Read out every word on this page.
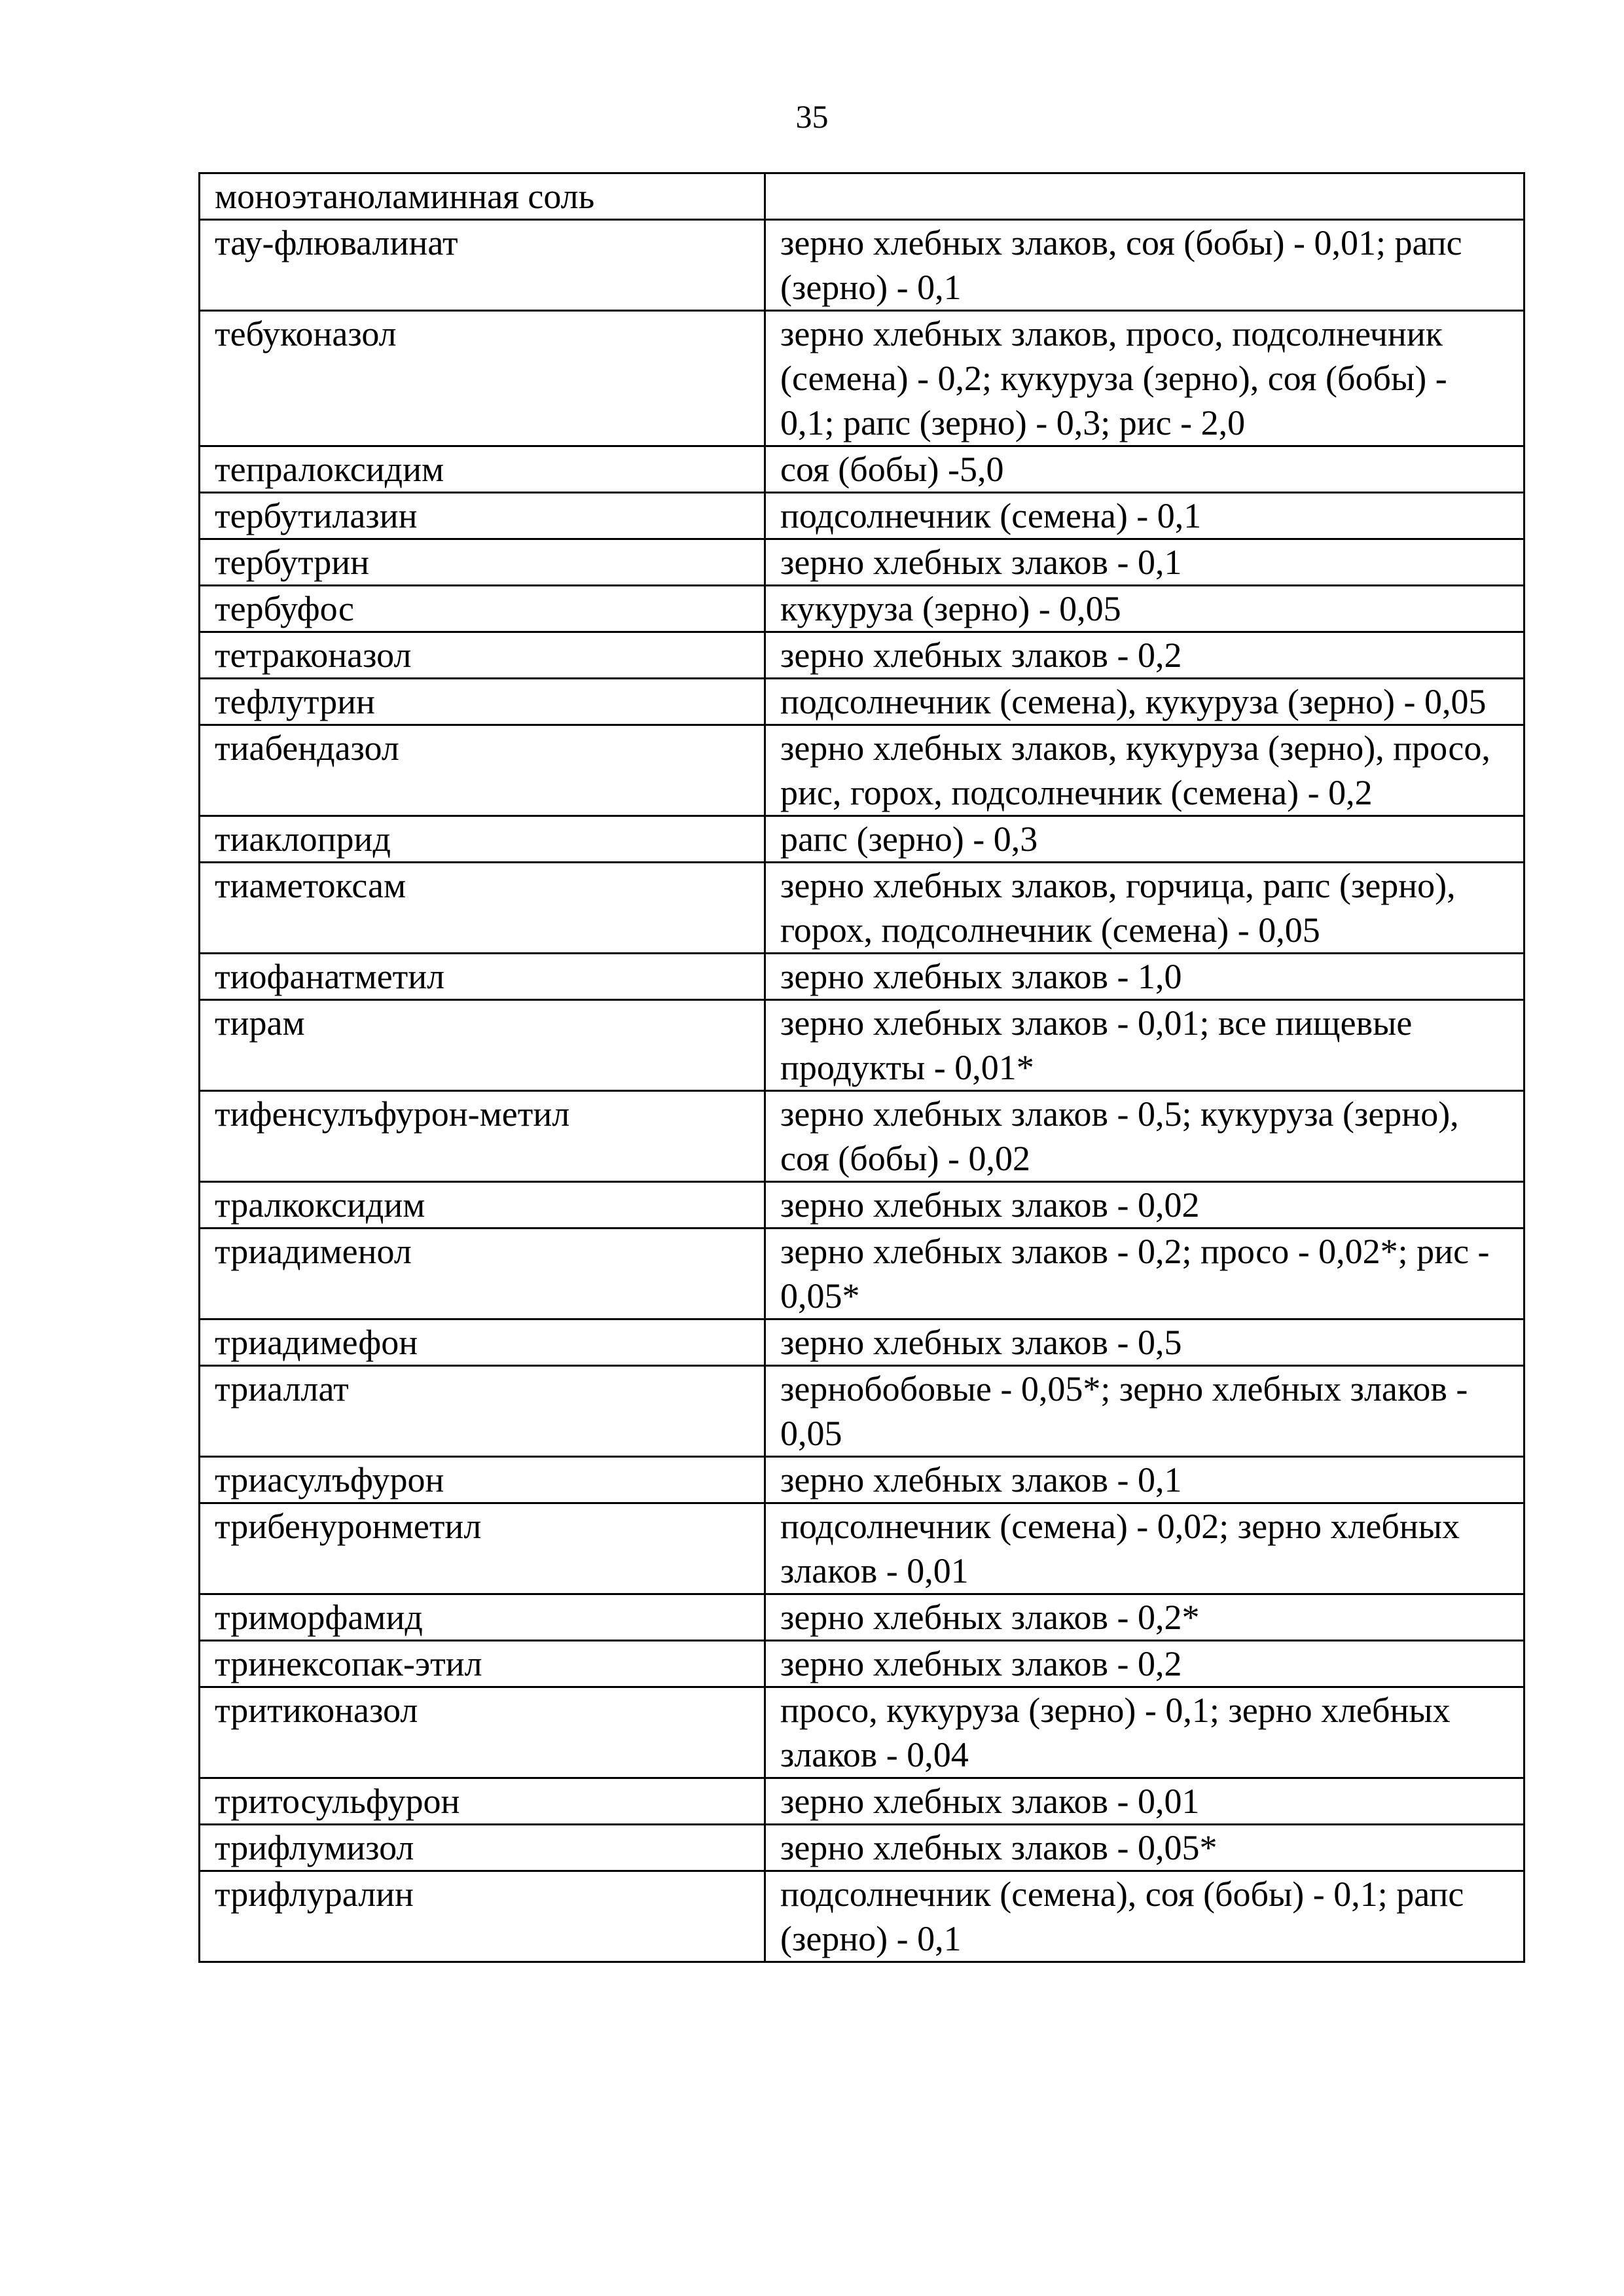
35
моноэтаноламинная соль	
тау-флювалинат	зерно хлебных злаков, соя (бобы) - 0,01; рапс (зерно) - 0,1
тебуконазол	зерно хлебных злаков, просо, подсолнечник (семена) - 0,2; кукуруза (зерно), соя (бобы) - 0,1; рапс (зерно) - 0,3; рис - 2,0
тепралоксидим	соя (бобы) -5,0
тербутилазин	подсолнечник (семена) - 0,1
тербутрин	зерно хлебных злаков - 0,1
тербуфос	кукуруза (зерно) - 0,05
тетраконазол	зерно хлебных злаков - 0,2
тефлутрин	подсолнечник (семена), кукуруза (зерно) - 0,05
тиабендазол	зерно хлебных злаков, кукуруза (зерно), просо, рис, горох, подсолнечник (семена) - 0,2
тиаклоприд	рапс (зерно) - 0,3
тиаметоксам	зерно хлебных злаков, горчица, рапс (зерно), горох, подсолнечник (семена) - 0,05
тиофанатметил	зерно хлебных злаков - 1,0
тирам	зерно хлебных злаков - 0,01; все пищевые продукты - 0,01*
тифенсулъфурон-метил	зерно хлебных злаков - 0,5; кукуруза (зерно), соя (бобы) - 0,02
тралкоксидим	зерно хлебных злаков - 0,02
триадименол	зерно хлебных злаков - 0,2; просо - 0,02*; рис - 0,05*
триадимефон	зерно хлебных злаков - 0,5
триаллат	зернобобовые - 0,05*; зерно хлебных злаков - 0,05
триасулъфурон	зерно хлебных злаков - 0,1
трибенуронметил	подсолнечник (семена) - 0,02; зерно хлебных злаков - 0,01
триморфамид	зерно хлебных злаков - 0,2*
тринексопак-этил	зерно хлебных злаков - 0,2
тритиконазол	просо, кукуруза (зерно) - 0,1; зерно хлебных злаков - 0,04
тритосульфурон	зерно хлебных злаков - 0,01
трифлумизол	зерно хлебных злаков - 0,05*
трифлуралин	подсолнечник (семена), соя (бобы) - 0,1; рапс (зерно) - 0,1
